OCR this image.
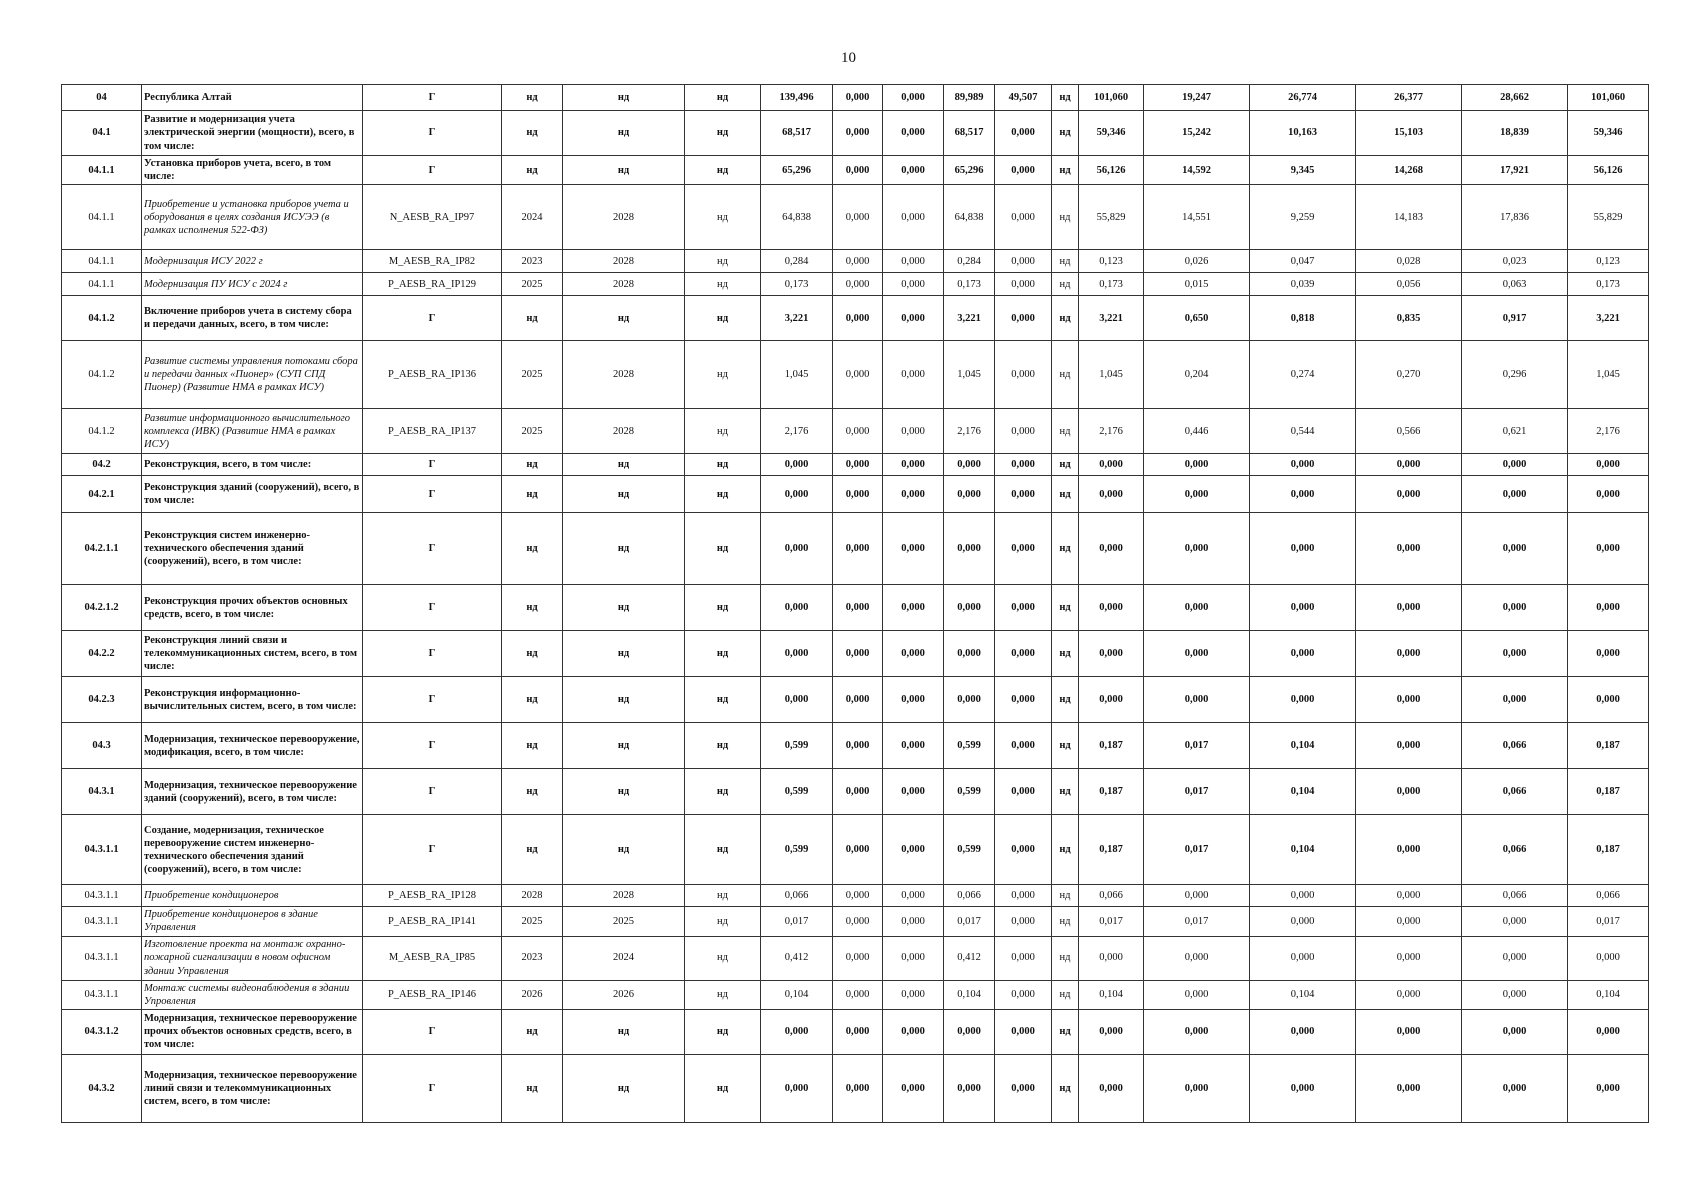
10
04	Республика Алтай	Г	нд	нд	нд	139,496	0,000	0,000	89,989	49,507	нд	101,060	19,247	26,774	26,377	28,662	101,060
04.1	Развитие и модернизация учета электрической энергии (мощности), всего, в том числе:	Г	нд	нд	нд	68,517	0,000	0,000	68,517	0,000	нд	59,346	15,242	10,163	15,103	18,839	59,346
04.1.1	Установка приборов учета, всего, в том числе:	Г	нд	нд	нд	65,296	0,000	0,000	65,296	0,000	нд	56,126	14,592	9,345	14,268	17,921	56,126
04.1.1	Приобретение и установка приборов учета и оборудования в целях создания ИСУЭЭ (в рамках исполнения 522-ФЗ)	N_AESB_RA_IP97	2024	2028	нд	64,838	0,000	0,000	64,838	0,000	нд	55,829	14,551	9,259	14,183	17,836	55,829
04.1.1	Модернизация ИСУ 2022 г	M_AESB_RA_IP82	2023	2028	нд	0,284	0,000	0,000	0,284	0,000	нд	0,123	0,026	0,047	0,028	0,023	0,123
04.1.1	Модернизация ПУ ИСУ с 2024 г	P_AESB_RA_IP129	2025	2028	нд	0,173	0,000	0,000	0,173	0,000	нд	0,173	0,015	0,039	0,056	0,063	0,173
04.1.2	Включение приборов учета в систему сбора и передачи данных, всего, в том числе:	Г	нд	нд	нд	3,221	0,000	0,000	3,221	0,000	нд	3,221	0,650	0,818	0,835	0,917	3,221
04.1.2	Развитие системы управления потоками сбора и передачи данных «Пионер» (СУП СПД Пионер) (Развитие НМА в рамках ИСУ)	P_AESB_RA_IP136	2025	2028	нд	1,045	0,000	0,000	1,045	0,000	нд	1,045	0,204	0,274	0,270	0,296	1,045
04.1.2	Развитие информационного вычислительного комплекса (ИВК) (Развитие НМА в рамках ИСУ)	P_AESB_RA_IP137	2025	2028	нд	2,176	0,000	0,000	2,176	0,000	нд	2,176	0,446	0,544	0,566	0,621	2,176
04.2	Реконструкция, всего, в том числе:	Г	нд	нд	нд	0,000	0,000	0,000	0,000	0,000	нд	0,000	0,000	0,000	0,000	0,000	0,000
04.2.1	Реконструкция зданий (сооружений), всего, в том числе:	Г	нд	нд	нд	0,000	0,000	0,000	0,000	0,000	нд	0,000	0,000	0,000	0,000	0,000	0,000
04.2.1.1	Реконструкция систем инженерно-технического обеспечения зданий (сооружений), всего, в том числе:	Г	нд	нд	нд	0,000	0,000	0,000	0,000	0,000	нд	0,000	0,000	0,000	0,000	0,000	0,000
04.2.1.2	Реконструкция прочих объектов основных средств, всего, в том числе:	Г	нд	нд	нд	0,000	0,000	0,000	0,000	0,000	нд	0,000	0,000	0,000	0,000	0,000	0,000
04.2.2	Реконструкция линий связи и телекоммуникационных систем, всего, в том числе:	Г	нд	нд	нд	0,000	0,000	0,000	0,000	0,000	нд	0,000	0,000	0,000	0,000	0,000	0,000
04.2.3	Реконструкция информационно-вычислительных систем, всего, в том числе:	Г	нд	нд	нд	0,000	0,000	0,000	0,000	0,000	нд	0,000	0,000	0,000	0,000	0,000	0,000
04.3	Модернизация, техническое перевооружение, модификация, всего, в том числе:	Г	нд	нд	нд	0,599	0,000	0,000	0,599	0,000	нд	0,187	0,017	0,104	0,000	0,066	0,187
04.3.1	Модернизация, техническое перевооружение зданий (сооружений), всего, в том числе:	Г	нд	нд	нд	0,599	0,000	0,000	0,599	0,000	нд	0,187	0,017	0,104	0,000	0,066	0,187
04.3.1.1	Создание, модернизация, техническое перевооружение систем инженерно-технического обеспечения зданий (сооружений), всего, в том числе:	Г	нд	нд	нд	0,599	0,000	0,000	0,599	0,000	нд	0,187	0,017	0,104	0,000	0,066	0,187
04.3.1.1	Приобретение кондиционеров	P_AESB_RA_IP128	2028	2028	нд	0,066	0,000	0,000	0,066	0,000	нд	0,066	0,000	0,000	0,000	0,066	0,066
04.3.1.1	Приобретение кондиционеров в здание Управления	P_AESB_RA_IP141	2025	2025	нд	0,017	0,000	0,000	0,017	0,000	нд	0,017	0,017	0,000	0,000	0,000	0,017
04.3.1.1	Изготовление проекта на монтаж охранно-пожарной сигнализации в новом офисном здании Управления	M_AESB_RA_IP85	2023	2024	нд	0,412	0,000	0,000	0,412	0,000	нд	0,000	0,000	0,000	0,000	0,000	0,000
04.3.1.1	Монтаж системы видеонаблюдения в здании Упровления	P_AESB_RA_IP146	2026	2026	нд	0,104	0,000	0,000	0,104	0,000	нд	0,104	0,000	0,104	0,000	0,000	0,104
04.3.1.2	Модернизация, техническое перевооружение прочих объектов основных средств, всего, в том числе:	Г	нд	нд	нд	0,000	0,000	0,000	0,000	0,000	нд	0,000	0,000	0,000	0,000	0,000	0,000
04.3.2	Модернизация, техническое перевооружение линий связи и телекоммуникационных систем, всего, в том числе:	Г	нд	нд	нд	0,000	0,000	0,000	0,000	0,000	нд	0,000	0,000	0,000	0,000	0,000	0,000
